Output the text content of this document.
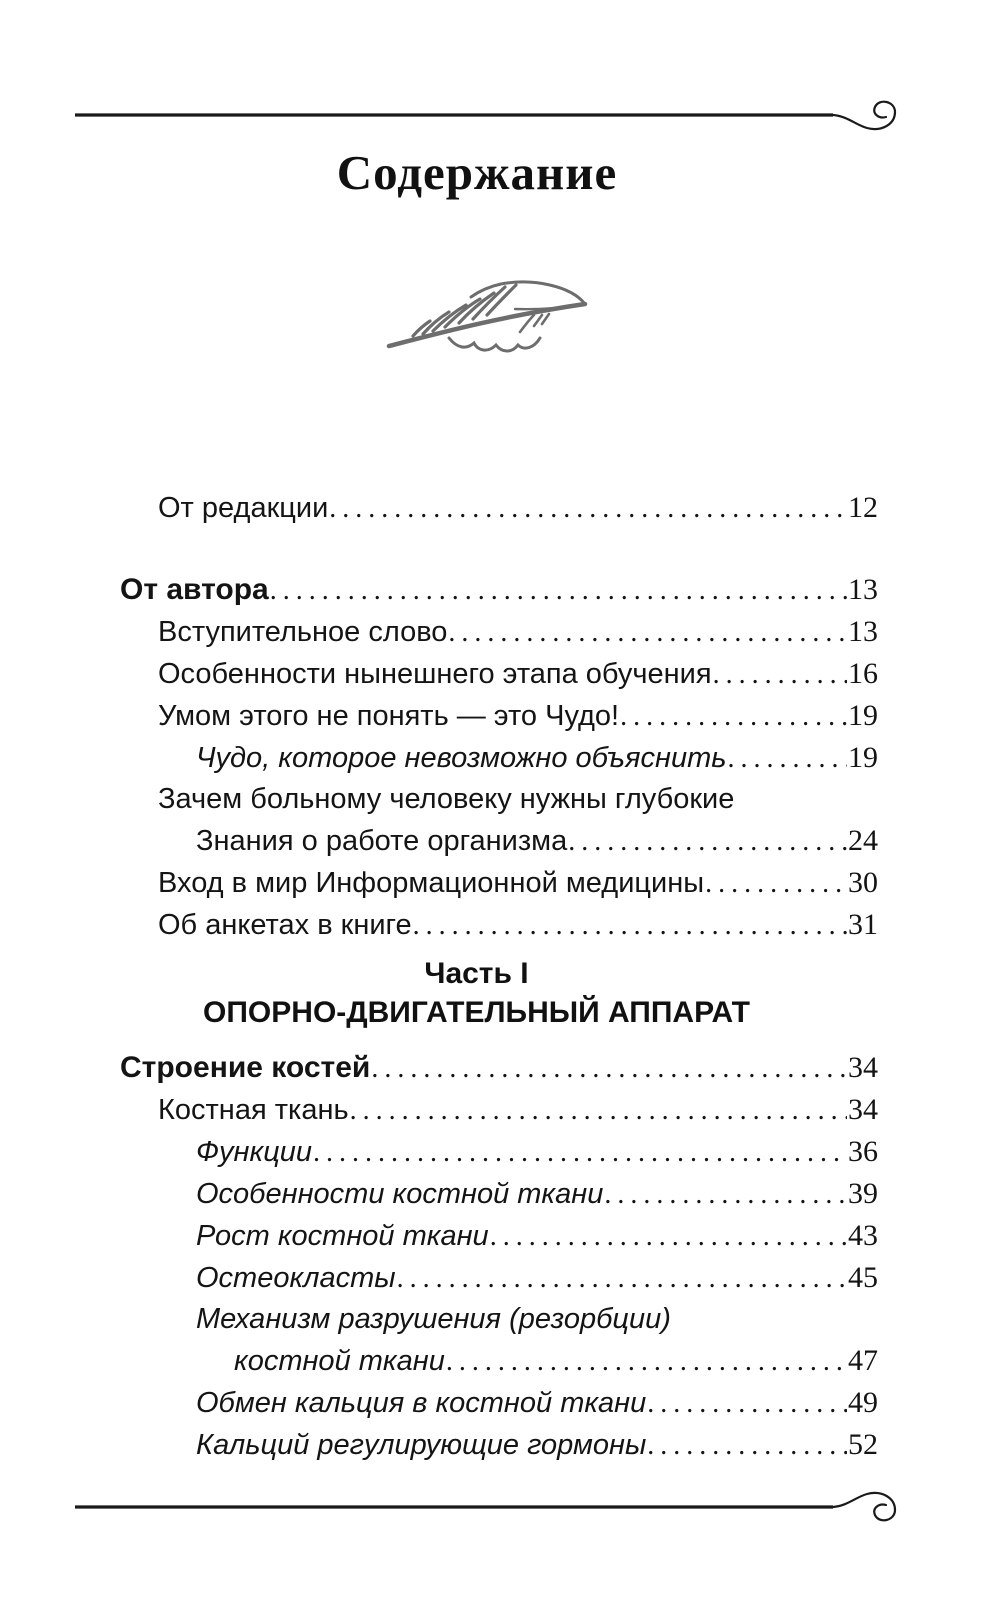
Содержание
От редакции .....	12
От автора .....	13
Вступительное слово .....	13
Особенности нынешнего этапа обучения .....	16
Умом этого не понять — это Чудо! .....	19
Чудо, которое невозможно объяснить .....	19
Зачем больному человеку нужны глубокие
Знания о работе организма .....	24
Вход в мир Информационной медицины .....	30
Об анкетах в книге .....	31
Часть I
ОПОРНО-ДВИГАТЕЛЬНЫЙ АППАРАТ
Строение костей .....	34
Костная ткань .....	34
Функции .....	36
Особенности костной ткани .....	39
Рост костной ткани .....	43
Остеокласты .....	45
Механизм разрушения (резорбции)
костной ткани .....	47
Обмен кальция в костной ткани .....	49
Кальций регулирующие гормоны .....	52
